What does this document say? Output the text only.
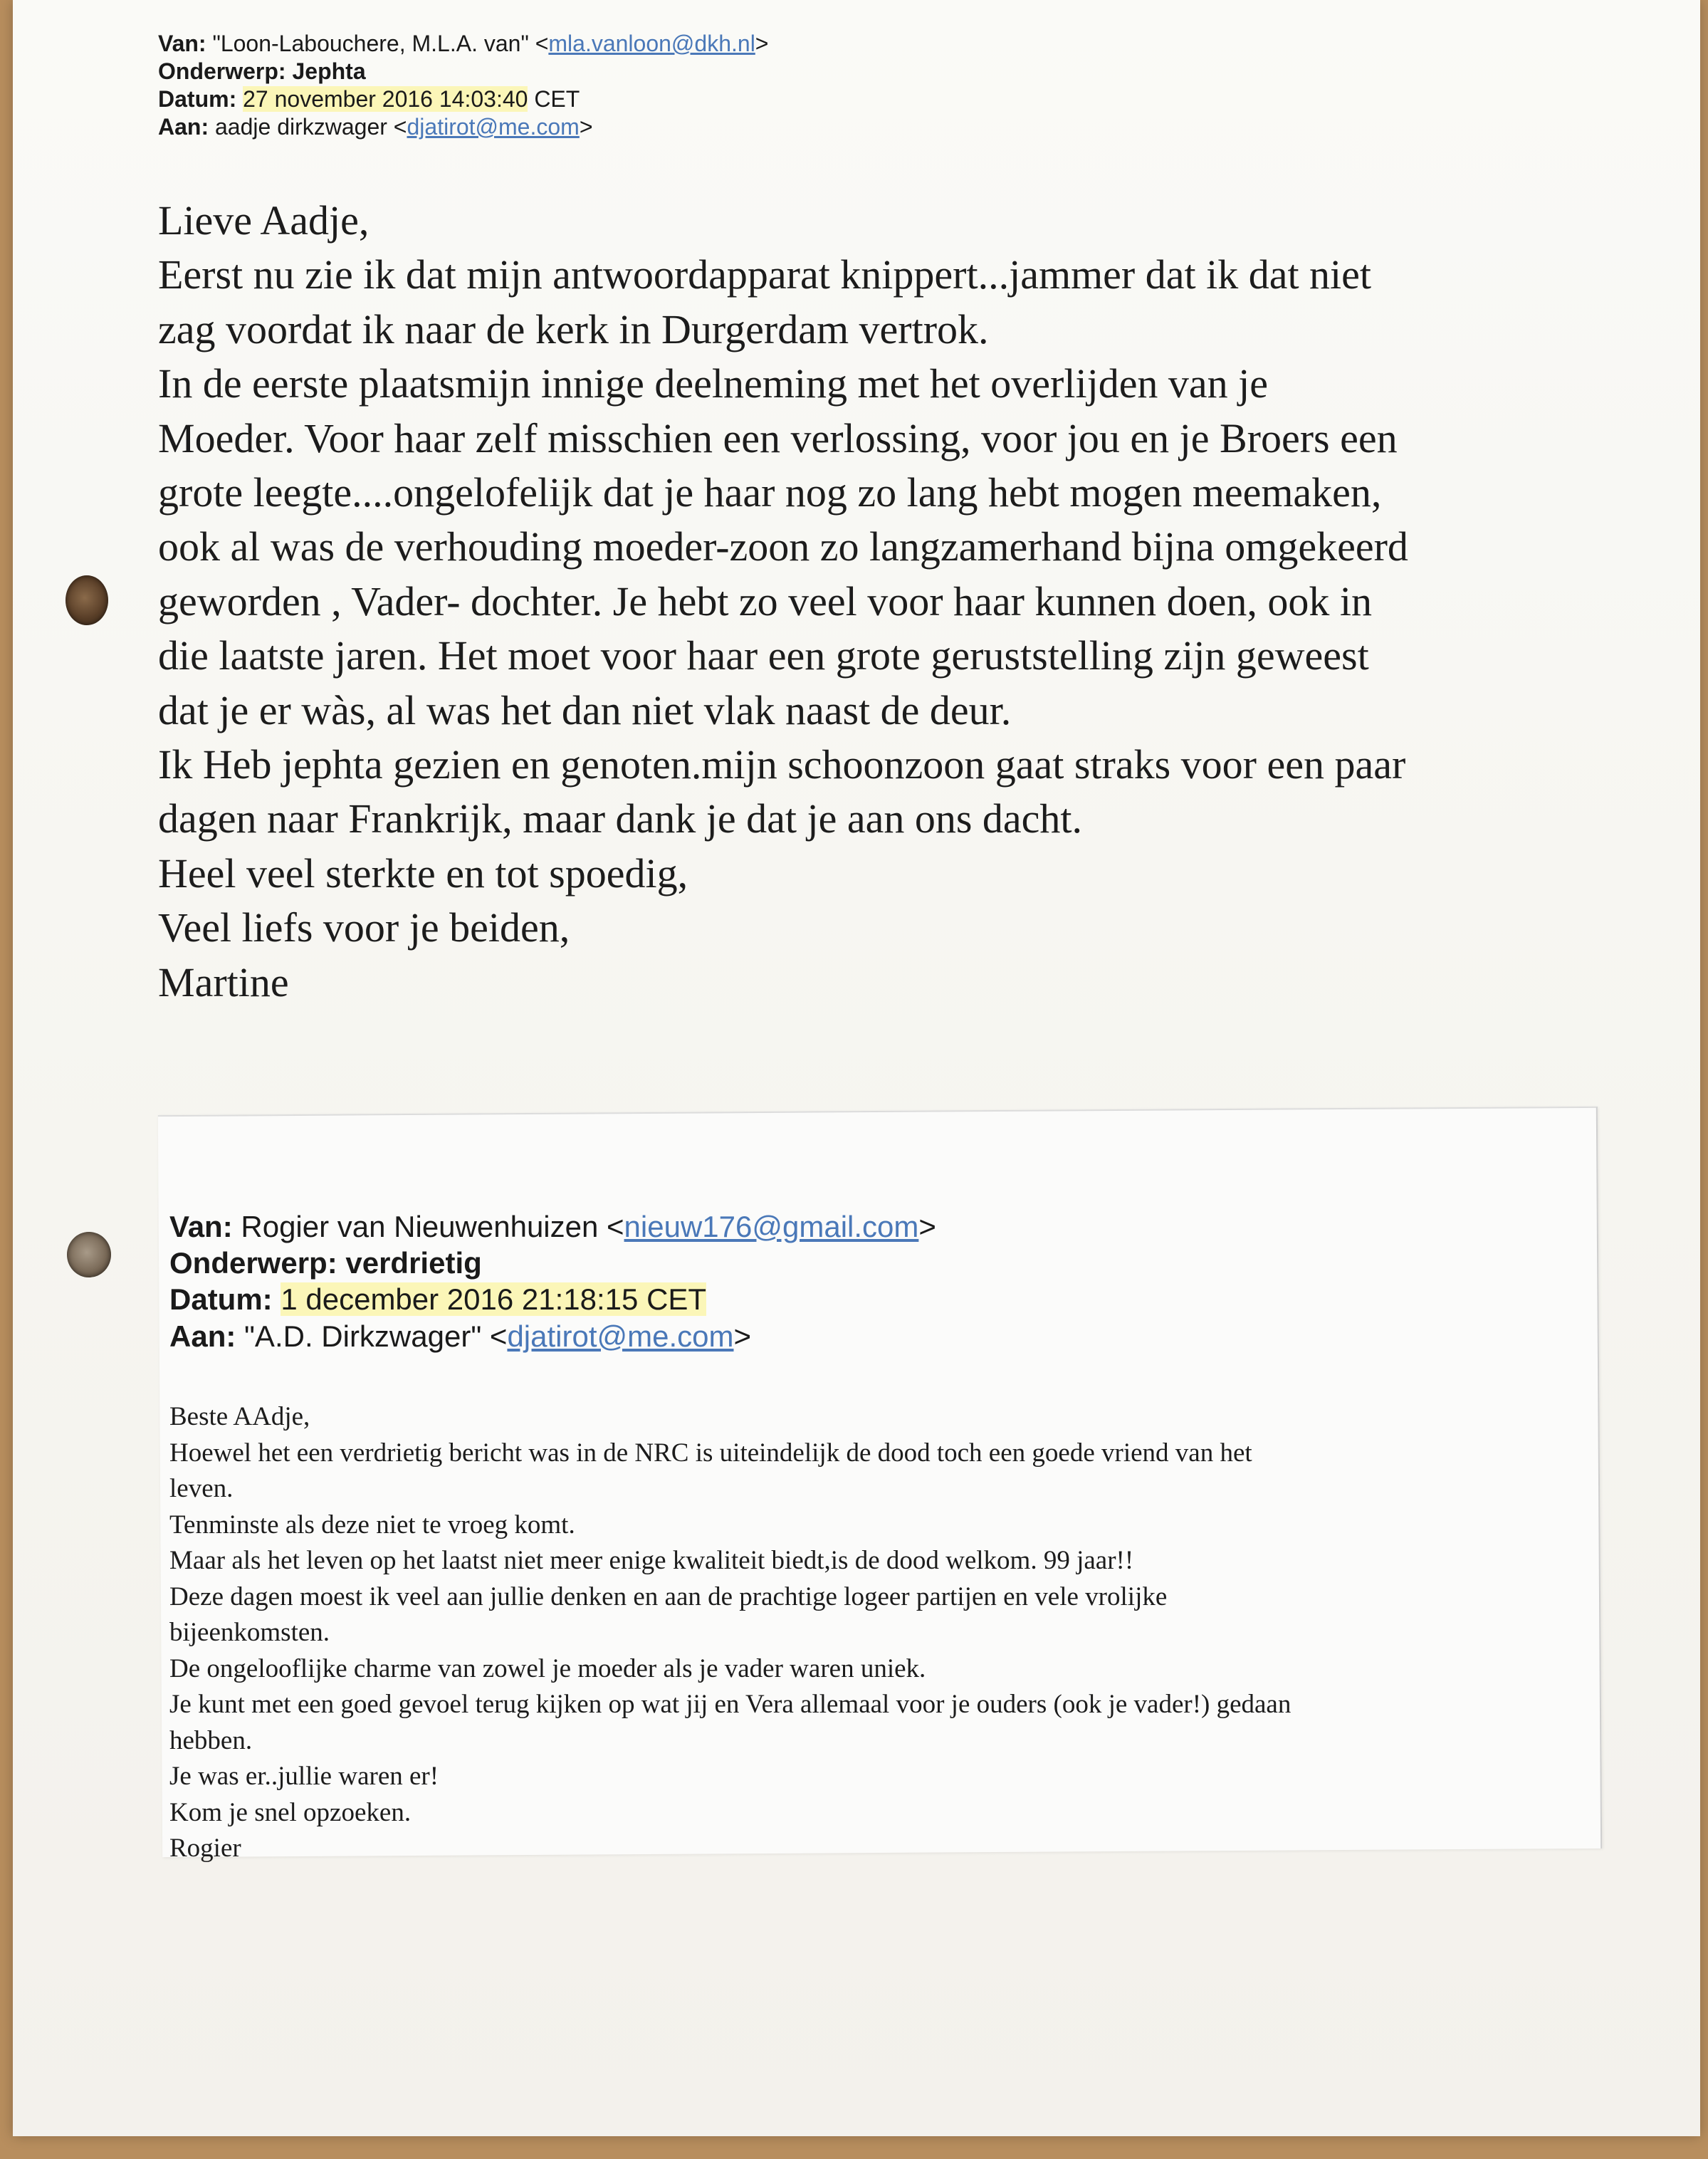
Van: "Loon-Labouchere, M.L.A. van" <mla.vanloon@dkh.nl>
Onderwerp: Jephta
Datum: 27 november 2016 14:03:40 CET
Aan: aadje dirkzwager <djatirot@me.com>
Lieve Aadje,
Eerst nu zie ik dat mijn antwoordapparat knippert...jammer dat ik dat niet
zag voordat ik naar de kerk in Durgerdam vertrok.
In de eerste plaatsmijn innige deelneming met het overlijden van je
Moeder. Voor haar zelf misschien een verlossing, voor jou en je Broers een
grote leegte....ongelofelijk dat je haar nog zo lang hebt mogen meemaken,
ook al was de verhouding moeder-zoon zo langzamerhand bijna omgekeerd
geworden , Vader- dochter. Je hebt zo veel voor haar kunnen doen, ook in
die laatste jaren. Het moet voor haar een grote geruststelling zijn geweest
dat je er wàs, al was het dan niet vlak naast de deur.
Ik Heb jephta gezien en genoten.mijn schoonzoon gaat straks voor een paar
dagen naar Frankrijk, maar dank je dat je aan ons dacht.
Heel veel sterkte en tot spoedig,
Veel liefs voor je beiden,
Martine
Van: Rogier van Nieuwenhuizen <nieuw176@gmail.com>
Onderwerp: verdrietig
Datum: 1 december 2016 21:18:15 CET
Aan: "A.D. Dirkzwager" <djatirot@me.com>
Beste AAdje,
Hoewel het een verdrietig bericht was in de NRC is uiteindelijk de dood toch een goede vriend van het
leven.
Tenminste als deze niet te vroeg komt.
Maar als het leven op het laatst niet meer enige kwaliteit biedt,is de dood welkom. 99 jaar!!
Deze dagen moest ik veel aan jullie denken en aan de prachtige logeer partijen en vele vrolijke
bijeenkomsten.
De ongelooflijke charme van zowel je moeder als je vader waren uniek.
Je kunt met een goed gevoel terug kijken op wat jij en Vera allemaal voor je ouders (ook je vader!) gedaan
hebben.
Je was er..jullie waren er!
Kom je snel opzoeken.
Rogier
